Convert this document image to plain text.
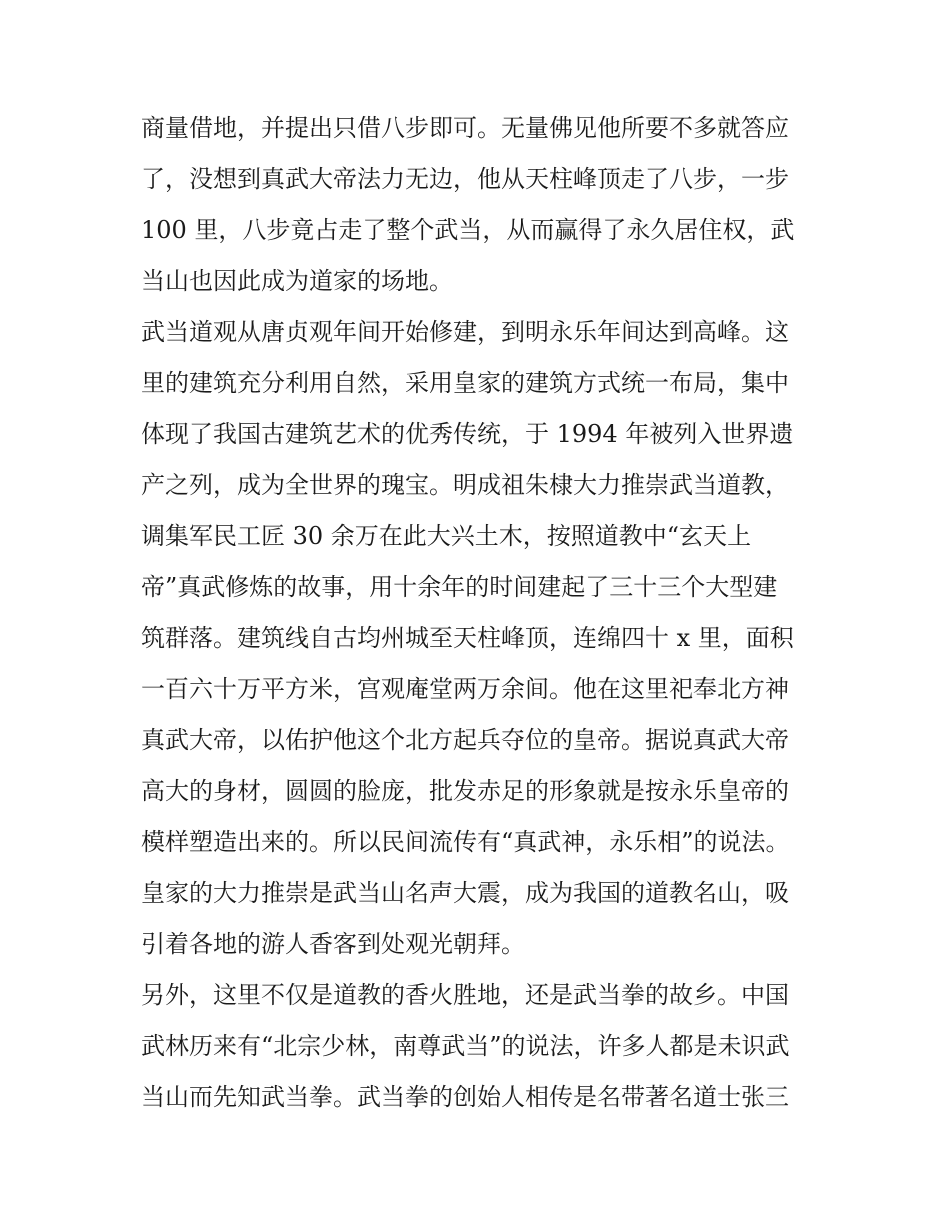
商量借地，并提出只借八步即可。无量佛见他所要不多就答应
了，没想到真武大帝法力无边，他从天柱峰顶走了八步，一步
100 里，八步竟占走了整个武当，从而赢得了永久居住权，武
当山也因此成为道家的场地。
武当道观从唐贞观年间开始修建，到明永乐年间达到高峰。这
里的建筑充分利用自然，采用皇家的建筑方式统一布局，集中
体现了我国古建筑艺术的优秀传统，于 1994 年被列入世界遗
产之列，成为全世界的瑰宝。明成祖朱棣大力推崇武当道教，
调集军民工匠 30 余万在此大兴土木，按照道教中“玄天上
帝”真武修炼的故事，用十余年的时间建起了三十三个大型建
筑群落。建筑线自古均州城至天柱峰顶，连绵四十 x 里，面积
一百六十万平方米，宫观庵堂两万余间。他在这里祀奉北方神
真武大帝，以佑护他这个北方起兵夺位的皇帝。据说真武大帝
高大的身材，圆圆的脸庞，批发赤足的形象就是按永乐皇帝的
模样塑造出来的。所以民间流传有“真武神，永乐相”的说法。
皇家的大力推崇是武当山名声大震，成为我国的道教名山，吸
引着各地的游人香客到处观光朝拜。
另外，这里不仅是道教的香火胜地，还是武当拳的故乡。中国
武林历来有“北宗少林，南尊武当”的说法，许多人都是未识武
当山而先知武当拳。武当拳的创始人相传是名带著名道士张三
